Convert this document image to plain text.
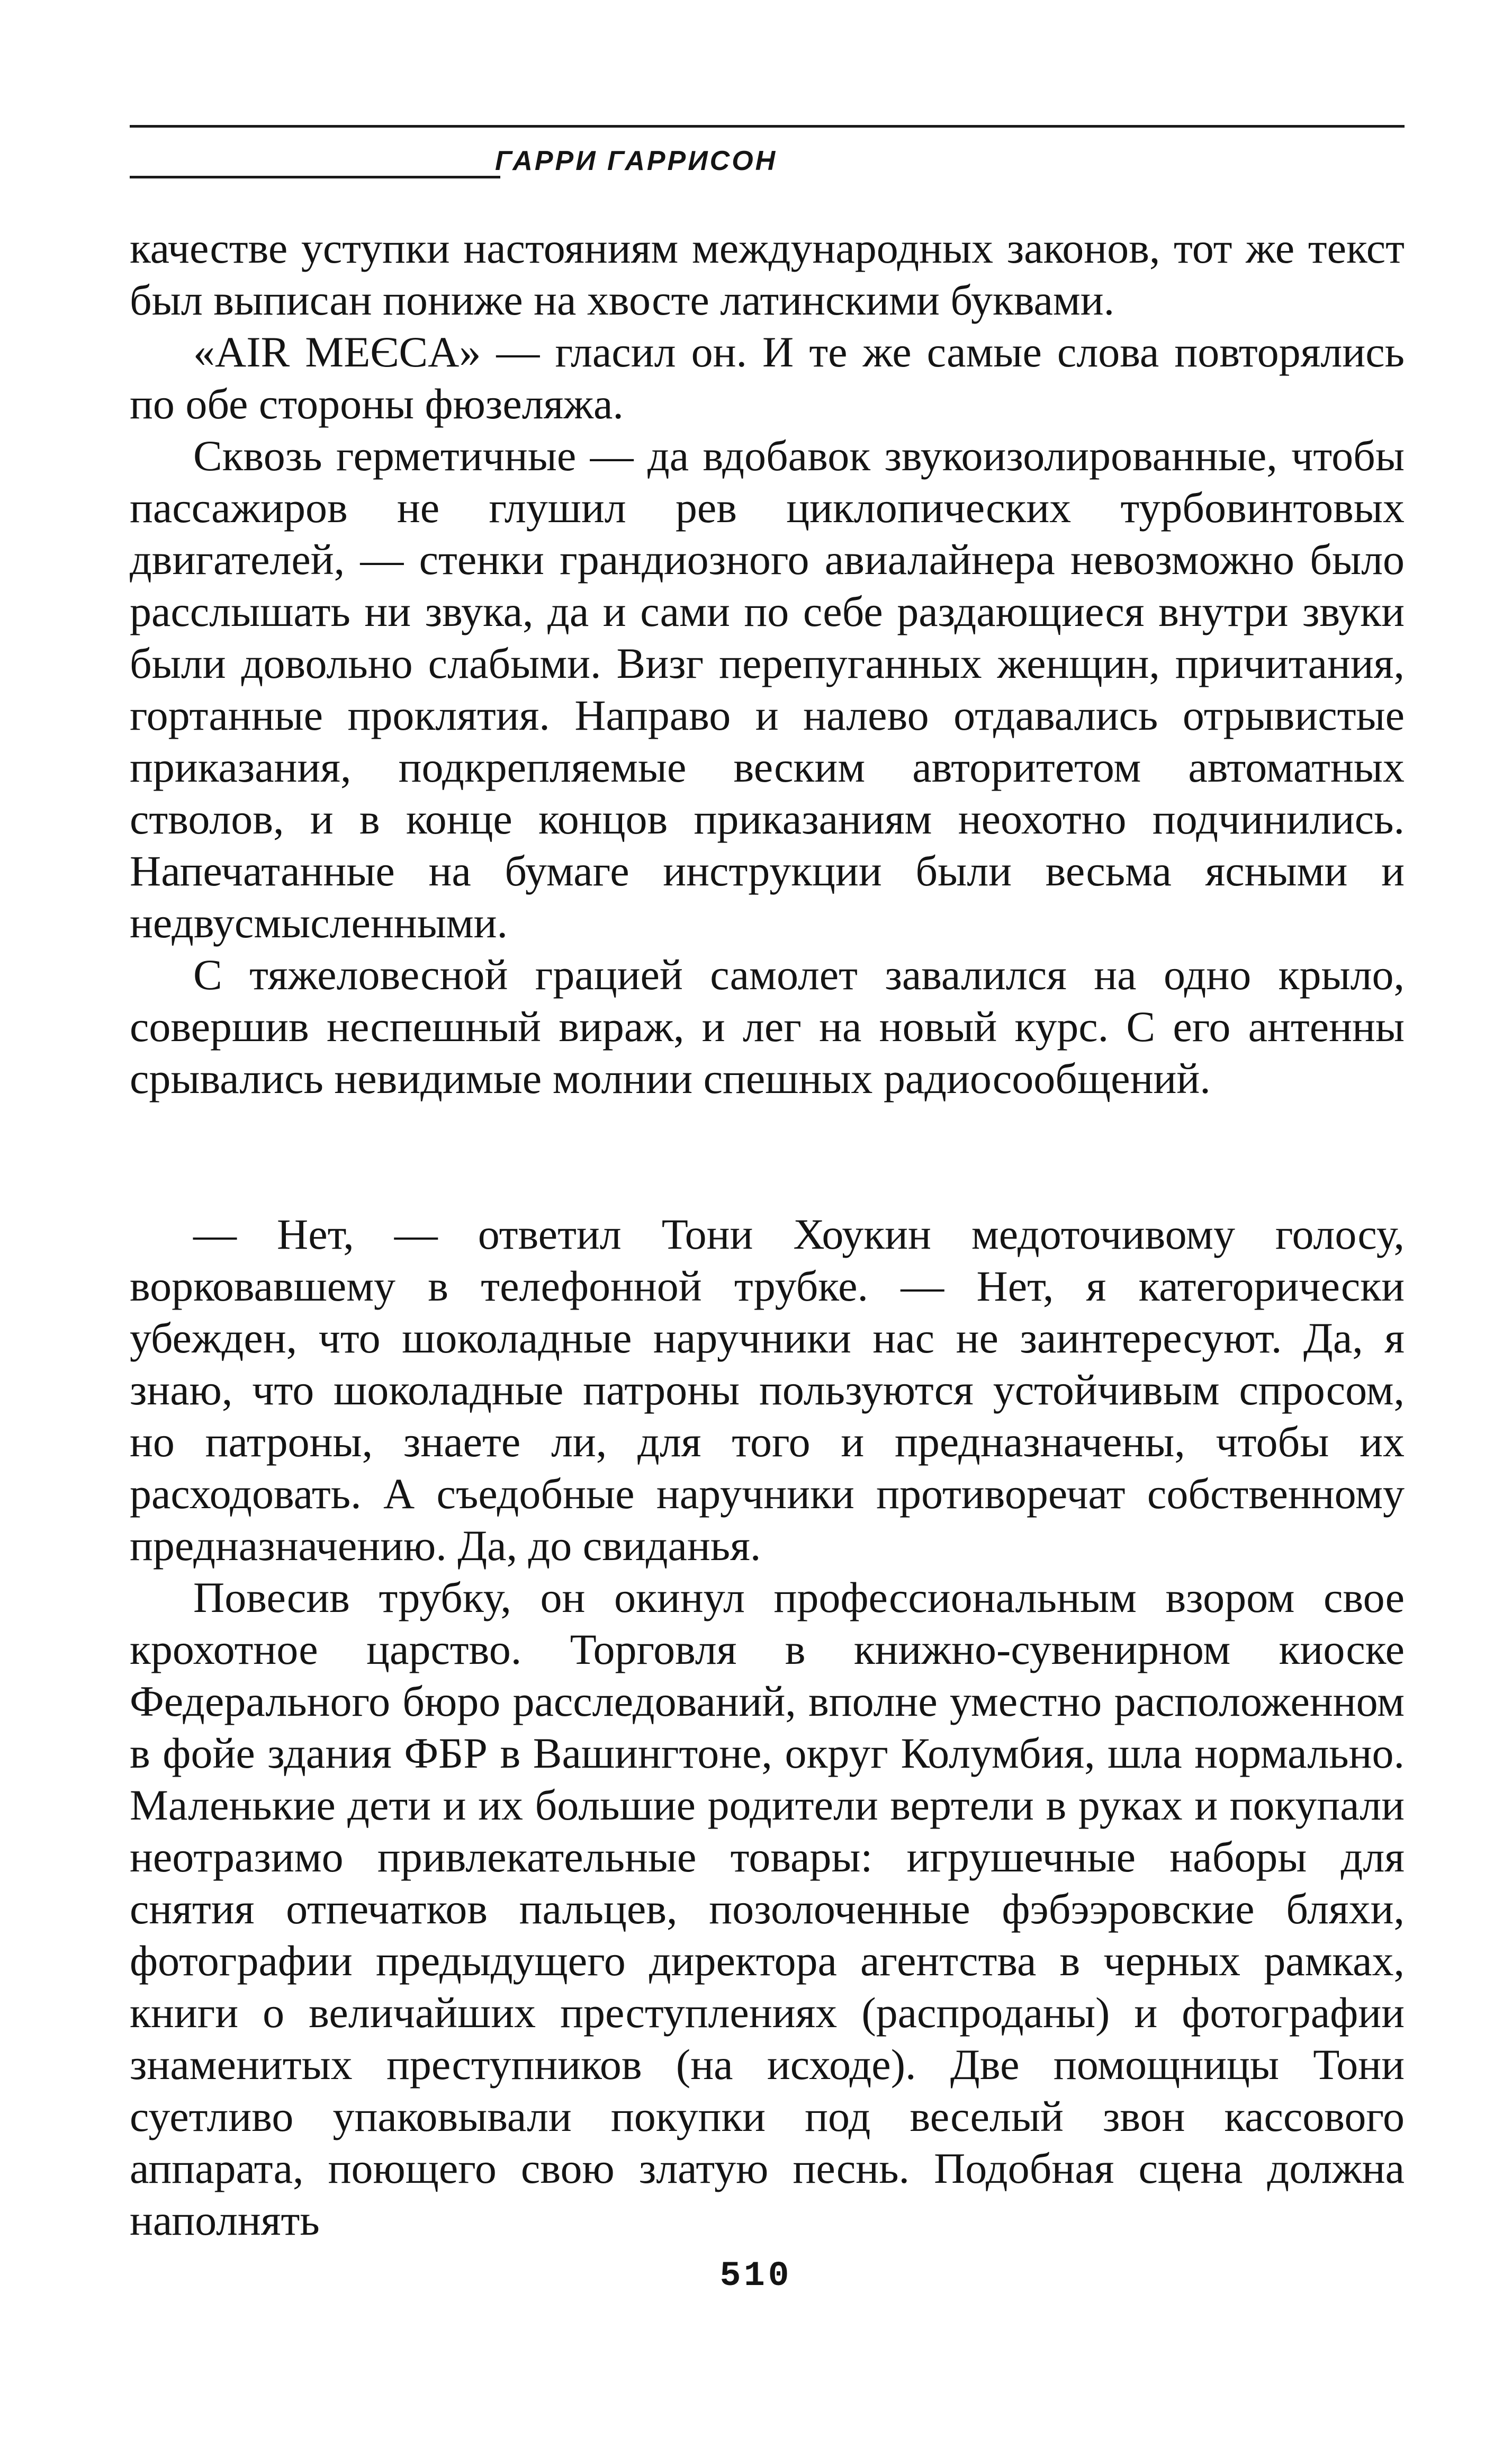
ГАРРИ ГАРРИСОН

качестве уступки настояниям международных законов, тот же текст был выписан пониже на хвосте латинскими буквами.

«AIR MEЄCA» — гласил он. И те же самые слова повторялись по обе стороны фюзеляжа.

Сквозь герметичные — да вдобавок звукоизолированные, чтобы пассажиров не глушил рев циклопических турбовинтовых двигателей, — стенки грандиозного авиалайнера невозможно было расслышать ни звука, да и сами по себе раздающиеся внутри звуки были довольно слабыми. Визг перепуганных женщин, причитания, гортанные проклятия. Направо и налево отдавались отрывистые приказания, подкрепляемые веским авторитетом автоматных стволов, и в конце концов приказаниям неохотно подчинились. Напечатанные на бумаге инструкции были весьма ясными и недвусмысленными.

С тяжеловесной грацией самолет завалился на одно крыло, совершив неспешный вираж, и лег на новый курс. С его антенны срывались невидимые молнии спешных радиосообщений.

— Нет, — ответил Тони Хоукин медоточивому голосу, ворковавшему в телефонной трубке. — Нет, я категорически убежден, что шоколадные наручники нас не заинтересуют. Да, я знаю, что шоколадные патроны пользуются устойчивым спросом, но патроны, знаете ли, для того и предназначены, чтобы их расходовать. А съедобные наручники противоречат собственному предназначению. Да, до свиданья.

Повесив трубку, он окинул профессиональным взором свое крохотное царство. Торговля в книжно-сувенирном киоске Федерального бюро расследований, вполне уместно расположенном в фойе здания ФБР в Вашингтоне, округ Колумбия, шла нормально. Маленькие дети и их большие родители вертели в руках и покупали неотразимо привлекательные товары: игрушечные наборы для снятия отпечатков пальцев, позолоченные фэбээровские бляхи, фотографии предыдущего директора агентства в черных рамках, книги о величайших преступлениях (распроданы) и фотографии знаменитых преступников (на исходе). Две помощницы Тони суетливо упаковывали покупки под веселый звон кассового аппарата, поющего свою златую песнь. Подобная сцена должна наполнять

510
